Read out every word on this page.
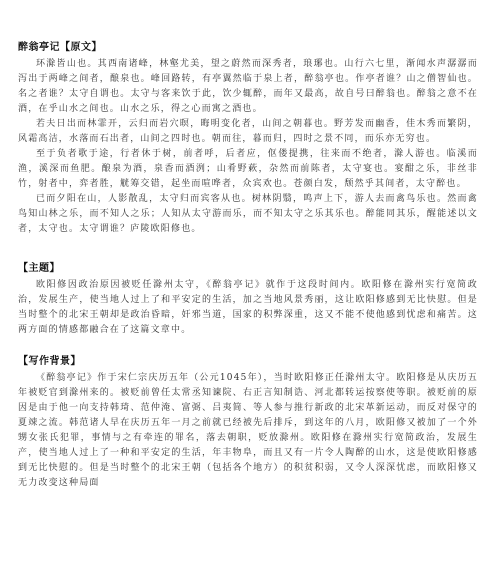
醉翁亭记【原文】

环滁皆山也。其西南诸峰，林壑尤美，望之蔚然而深秀者，琅琊也。山行六七里，渐闻水声潺潺而泻出于两峰之间者，酿泉也。峰回路转，有亭翼然临于泉上者，醉翁亭也。作亭者谁？山之僧智仙也。名之者谁？太守自谓也。太守与客来饮于此，饮少辄醉，而年又最高，故自号曰醉翁也。醉翁之意不在酒，在乎山水之间也。山水之乐，得之心而寓之酒也。

若夫日出而林霏开，云归而岩穴暝，晦明变化者，山间之朝暮也。野芳发而幽香，佳木秀而繁阴，风霜高洁，水落而石出者，山间之四时也。朝而往，暮而归，四时之景不同，而乐亦无穷也。

至于负者歌于途，行者休于树，前者呼，后者应，伛偻提携，往来而不绝者，滁人游也。临溪而渔，溪深而鱼肥。酿泉为酒，泉香而酒洌；山肴野蔌，杂然而前陈者，太守宴也。宴酣之乐，非丝非竹，射者中，弈者胜，觥筹交错，起坐而喧哗者，众宾欢也。苍颜白发，颓然乎其间者，太守醉也。

已而夕阳在山，人影散乱，太守归而宾客从也。树林阴翳，鸣声上下，游人去而禽鸟乐也。然而禽鸟知山林之乐，而不知人之乐；人知从太守游而乐，而不知太守之乐其乐也。醉能同其乐，醒能述以文者，太守也。太守谓谁？庐陵欧阳修也。

【主题】

欧阳修因政治原因被贬任滁州太守，《醉翁亭记》就作于这段时间内。欧阳修在滁州实行宽简政治，发展生产，使当地人过上了和平安定的生活，加之当地风景秀丽，这让欧阳修感到无比快慰。但是当时整个的北宋王朝却是政治昏暗，奸邪当道，国家的积弊深重，这又不能不使他感到忧虑和痛苦。这两方面的情感都融合在了这篇文章中。

【写作背景】

《醉翁亭记》作于宋仁宗庆历五年（公元1045年），当时欧阳修正任滁州太守。欧阳修是从庆历五年被贬官到滁州来的。被贬前曾任太常丞知谏院、右正言知制诰、河北都转运按察使等职。被贬前的原因是由于他一向支持韩琦、范仲淹、富弼、吕夷简、等人参与推行新政的北宋革新运动，而反对保守的夏竦之流。韩范诸人早在庆历五年一月之前就已经被先后排斥，到这年的八月，欧阳修又被加了一个外甥女张氏犯罪，事情与之有牵连的罪名，落去朝职，贬放滁州。欧阳修在滁州实行宽简政治，发展生产，使当地人过上了一种和平安定的生活，年丰物阜，而且又有一片令人陶醉的山水，这是使欧阳修感到无比快慰的。但是当时整个的北宋王朝（包括各个地方）的积贫积弱，又令人深深忧虑，而欧阳修又无力改变这种局面
